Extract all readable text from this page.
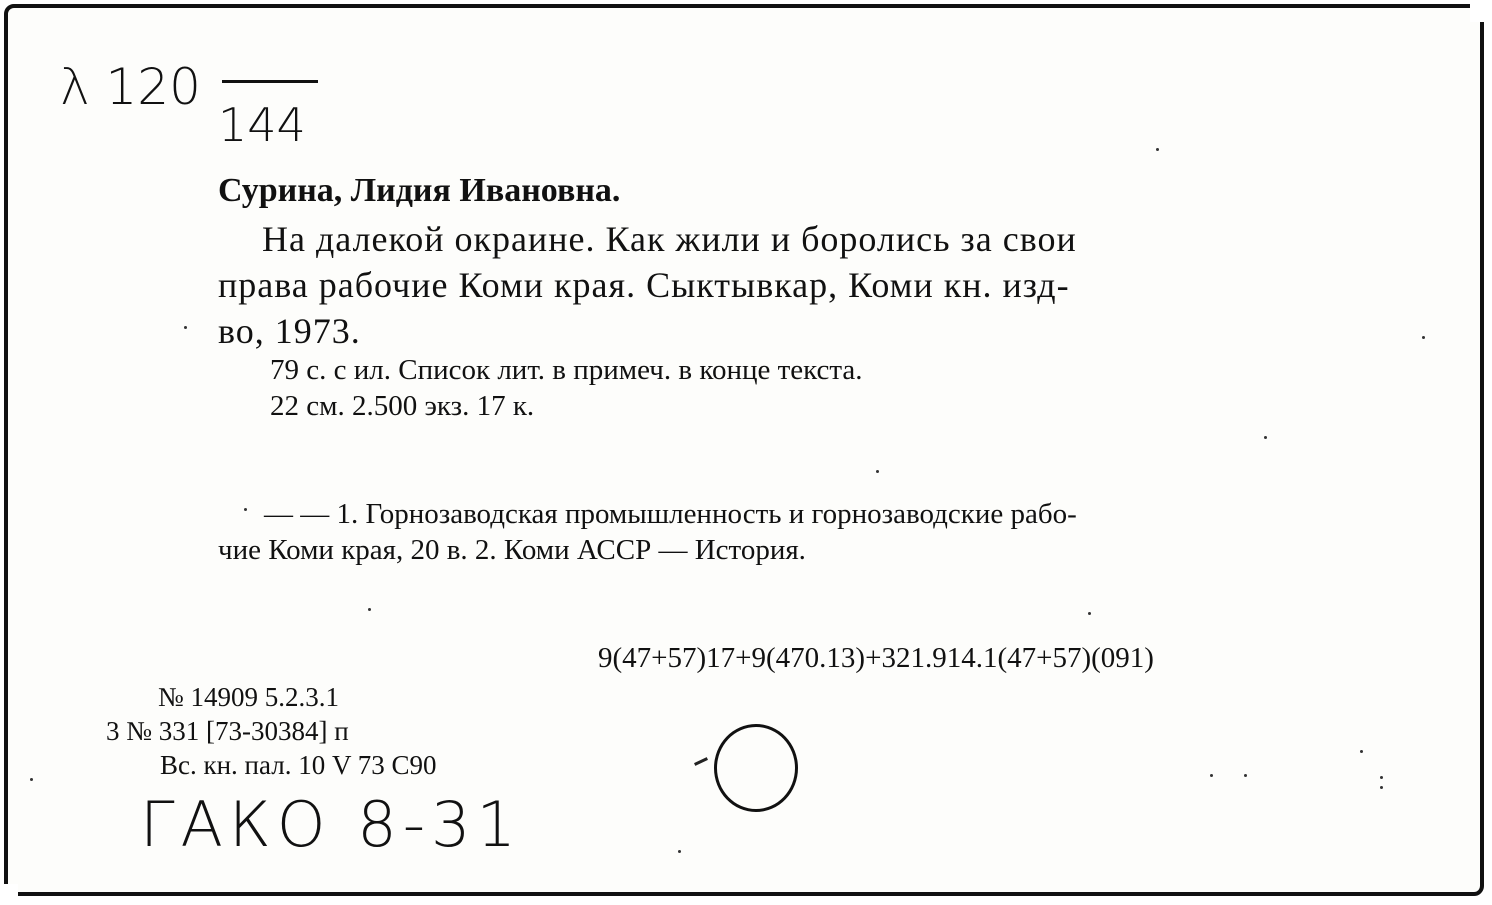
λ 120
144
Сурина, Лидия Ивановна.
На далекой окраине. Как жили и боролись за свои
права рабочие Коми края. Сыктывкар, Коми кн. изд-
во, 1973.
79 с. с ил. Список лит. в примеч. в конце текста.
22 см. 2.500 экз. 17 к.
— — 1. Горнозаводская промышленность и горнозаводские рабо-
чие Коми края, 20 в. 2. Коми АССР — История.
9(47+57)17+9(470.13)+321.914.1(47+57)(091)
№ 14909 5.2.3.1
3 № 331 [73-30384] п
Вс. кн. пал. 10 V 73 С90
ГАКО 8-31
